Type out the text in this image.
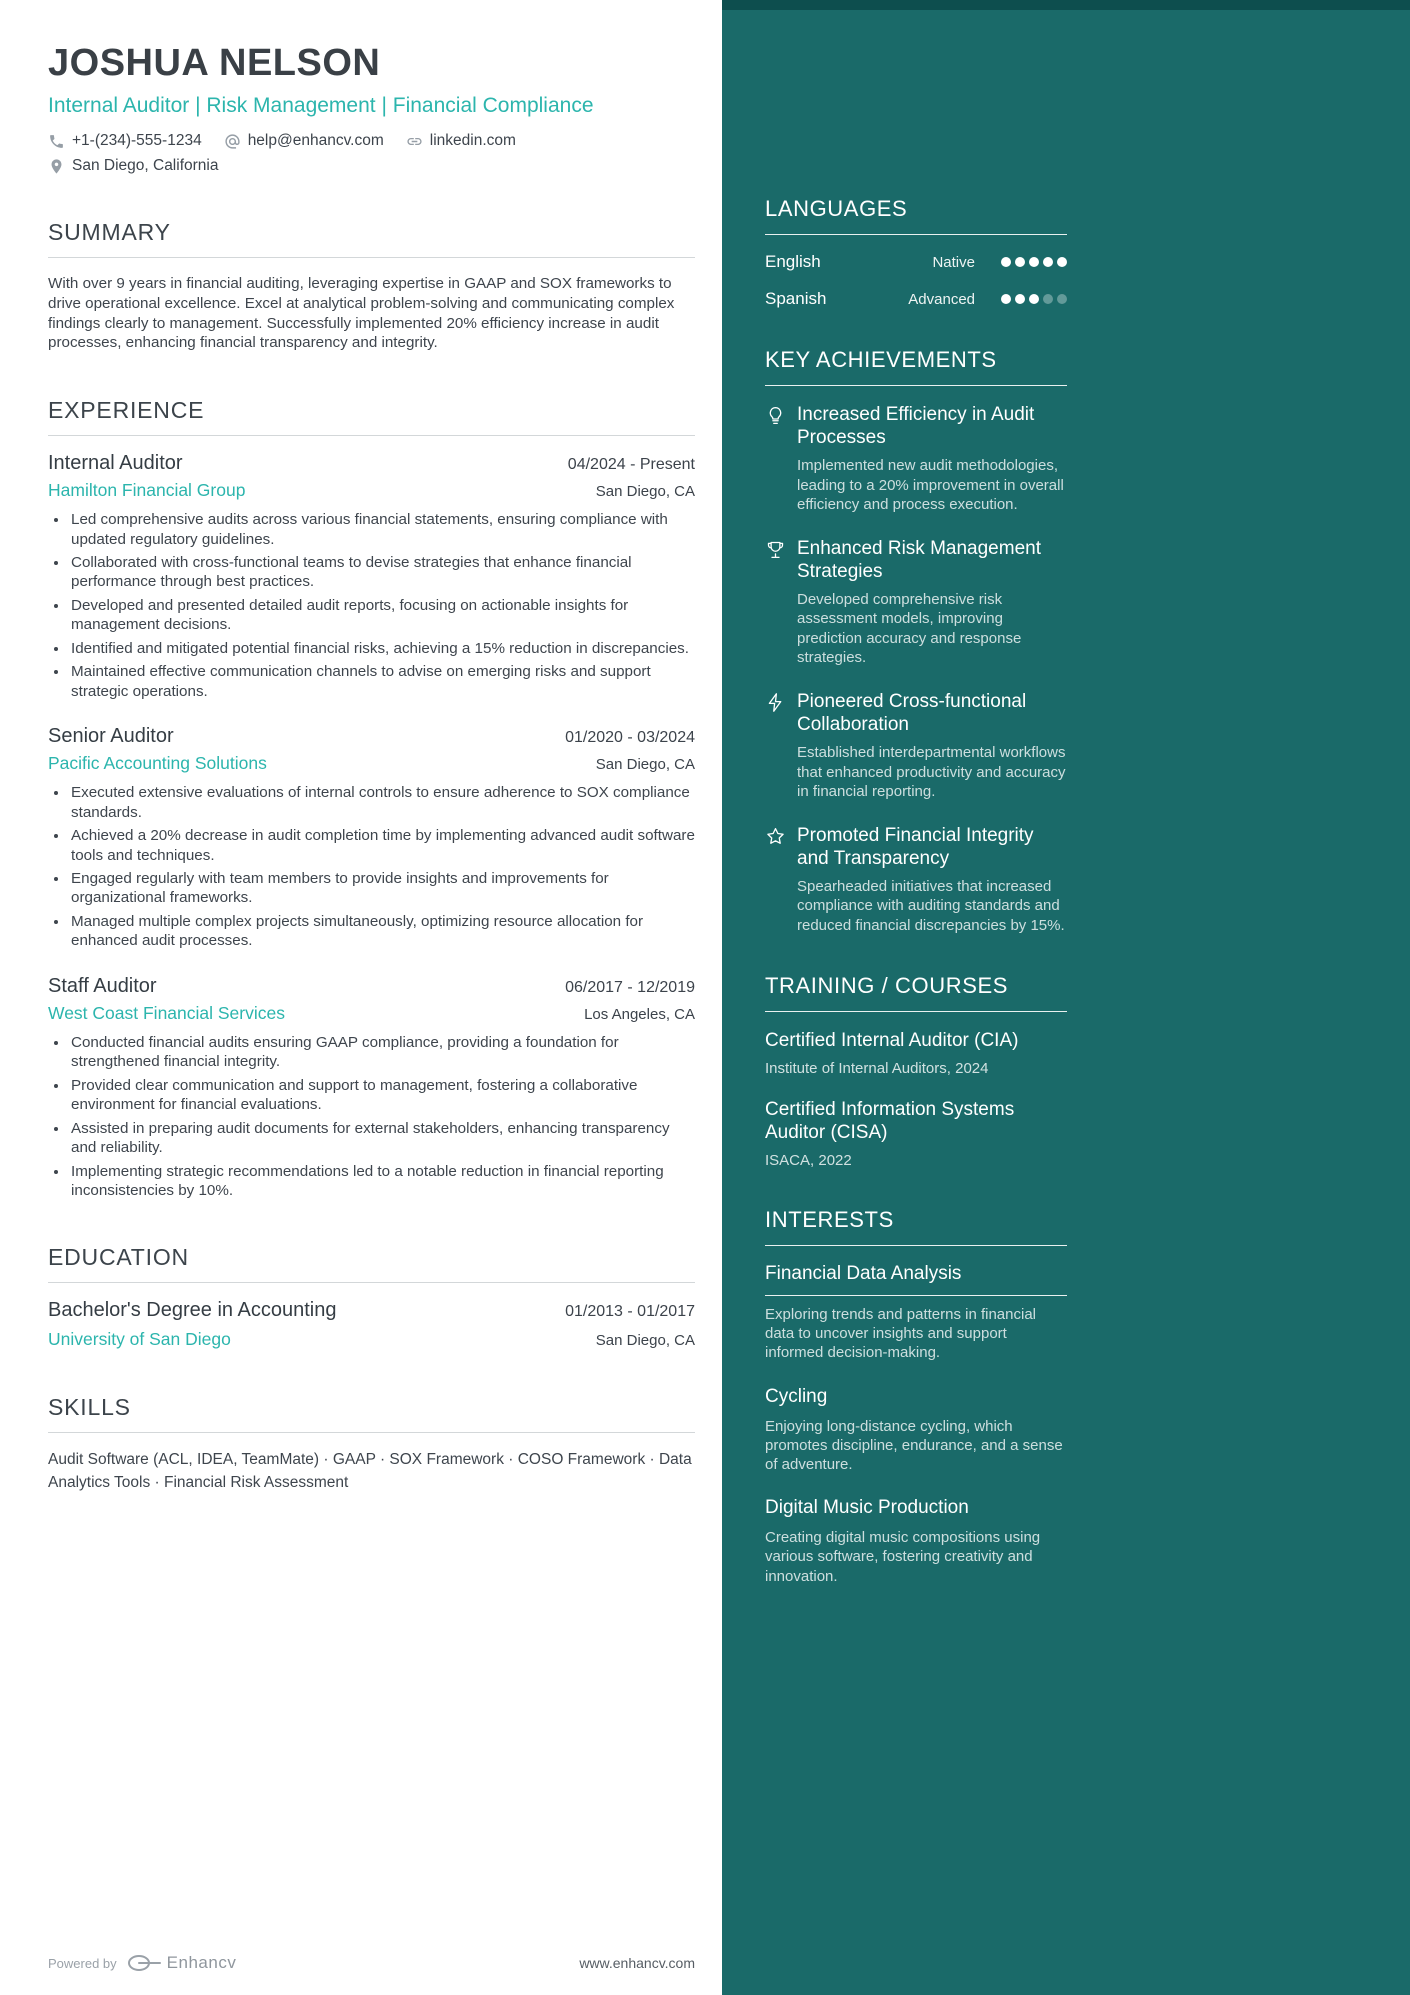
JOSHUA NELSON
Internal Auditor | Risk Management | Financial Compliance
+1-(234)-555-1234	help@enhancv.com	linkedin.com
San Diego, California
SUMMARY

With over 9 years in financial auditing, leveraging expertise in GAAP and SOX frameworks to drive operational excellence. Excel at analytical problem-solving and communicating complex findings clearly to management. Successfully implemented 20% efficiency increase in audit processes, enhancing financial transparency and integrity.

EXPERIENCE
Internal Auditor	04/2024 - Present
Hamilton Financial Group	San Diego, CA
• Led comprehensive audits across various financial statements, ensuring compliance with updated regulatory guidelines.
• Collaborated with cross-functional teams to devise strategies that enhance financial performance through best practices.
• Developed and presented detailed audit reports, focusing on actionable insights for management decisions.
• Identified and mitigated potential financial risks, achieving a 15% reduction in discrepancies.
• Maintained effective communication channels to advise on emerging risks and support strategic operations.
Senior Auditor	01/2020 - 03/2024
Pacific Accounting Solutions	San Diego, CA
• Executed extensive evaluations of internal controls to ensure adherence to SOX compliance standards.
• Achieved a 20% decrease in audit completion time by implementing advanced audit software tools and techniques.
• Engaged regularly with team members to provide insights and improvements for organizational frameworks.
• Managed multiple complex projects simultaneously, optimizing resource allocation for enhanced audit processes.
Staff Auditor	06/2017 - 12/2019
West Coast Financial Services	Los Angeles, CA
• Conducted financial audits ensuring GAAP compliance, providing a foundation for strengthened financial integrity.
• Provided clear communication and support to management, fostering a collaborative environment for financial evaluations.
• Assisted in preparing audit documents for external stakeholders, enhancing transparency and reliability.
• Implementing strategic recommendations led to a notable reduction in financial reporting inconsistencies by 10%.
EDUCATION
Bachelor's Degree in Accounting	01/2013 - 01/2017
University of San Diego	San Diego, CA
SKILLS

Audit Software (ACL, IDEA, TeamMate) · GAAP · SOX Framework · COSO Framework · Data Analytics Tools · Financial Risk Assessment

Powered by	Enhancv	www.enhancv.com
LANGUAGES
English	Native
Spanish	Advanced
KEY ACHIEVEMENTS
Increased Efficiency in Audit Processes
Implemented new audit methodologies, leading to a 20% improvement in overall efficiency and process execution.
Enhanced Risk Management Strategies
Developed comprehensive risk assessment models, improving prediction accuracy and response strategies.
Pioneered Cross-functional Collaboration
Established interdepartmental workflows that enhanced productivity and accuracy in financial reporting.
Promoted Financial Integrity and Transparency
Spearheaded initiatives that increased compliance with auditing standards and reduced financial discrepancies by 15%.
TRAINING / COURSES
Certified Internal Auditor (CIA)
Institute of Internal Auditors, 2024
Certified Information Systems Auditor (CISA)
ISACA, 2022
INTERESTS
Financial Data Analysis
Exploring trends and patterns in financial data to uncover insights and support informed decision-making.
Cycling
Enjoying long-distance cycling, which promotes discipline, endurance, and a sense of adventure.
Digital Music Production
Creating digital music compositions using various software, fostering creativity and innovation.
